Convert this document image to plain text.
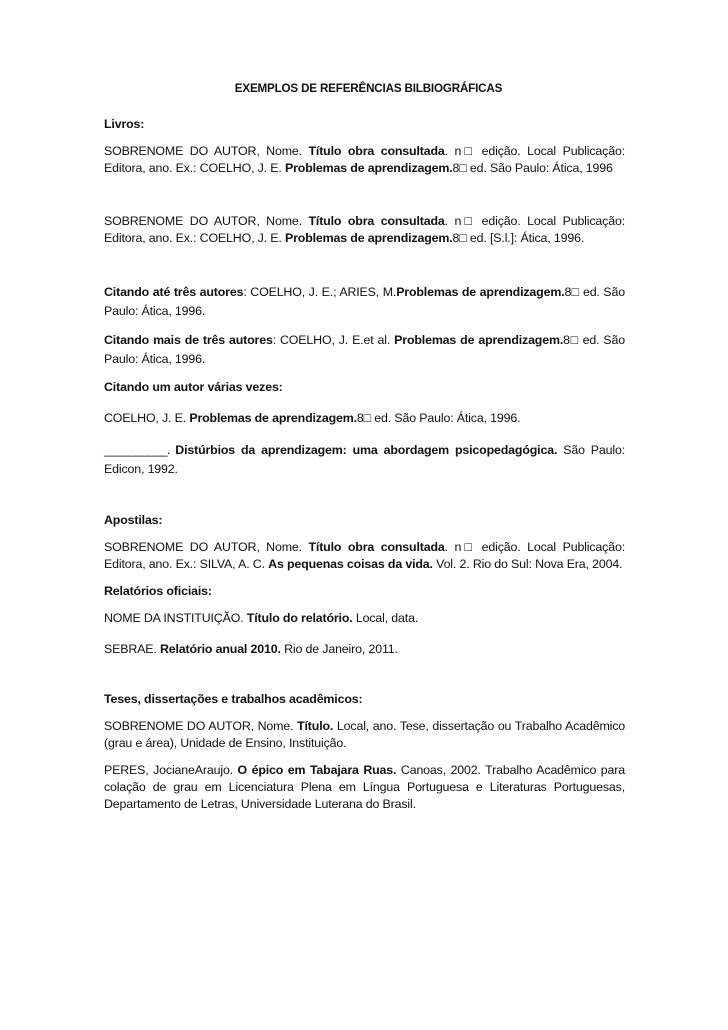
EXEMPLOS DE REFERÊNCIAS BILBIOGRÁFICAS

Livros:

SOBRENOME DO AUTOR, Nome. Título obra consultada. n□ edição. Local Publicação: Editora, ano. Ex.: COELHO, J. E. Problemas de aprendizagem.8□ ed. São Paulo: Ática, 1996

SOBRENOME DO AUTOR, Nome. Título obra consultada. n□ edição. Local Publicação: Editora, ano. Ex.: COELHO, J. E. Problemas de aprendizagem.8□ ed. [S.l.]: Ática, 1996.

Citando até três autores: COELHO, J. E.; ARIES, M.Problemas de aprendizagem.8□ ed. São Paulo: Ática, 1996.

Citando mais de três autores: COELHO, J. E.et al. Problemas de aprendizagem.8□ ed. São Paulo: Ática, 1996.

Citando um autor várias vezes:

COELHO, J. E. Problemas de aprendizagem.8□ ed. São Paulo: Ática, 1996.

__________. Distúrbios da aprendizagem: uma abordagem psicopedagógica. São Paulo: Edicon, 1992.

Apostilas:

SOBRENOME DO AUTOR, Nome. Título obra consultada. n□ edição. Local Publicação: Editora, ano. Ex.: SILVA, A. C. As pequenas coisas da vida. Vol. 2. Rio do Sul: Nova Era, 2004.

Relatórios oficiais:

NOME DA INSTITUIÇÃO. Título do relatório. Local, data.

SEBRAE. Relatório anual 2010. Rio de Janeiro, 2011.

Teses, dissertações e trabalhos acadêmicos:

SOBRENOME DO AUTOR, Nome. Título. Local, ano. Tese, dissertação ou Trabalho Acadêmico (grau e área), Unidade de Ensino, Instituição.

PERES, JocianeAraujo. O épico em Tabajara Ruas. Canoas, 2002. Trabalho Acadêmico para colação de grau em Licenciatura Plena em Língua Portuguesa e Literaturas Portuguesas, Departamento de Letras, Universidade Luterana do Brasil.
